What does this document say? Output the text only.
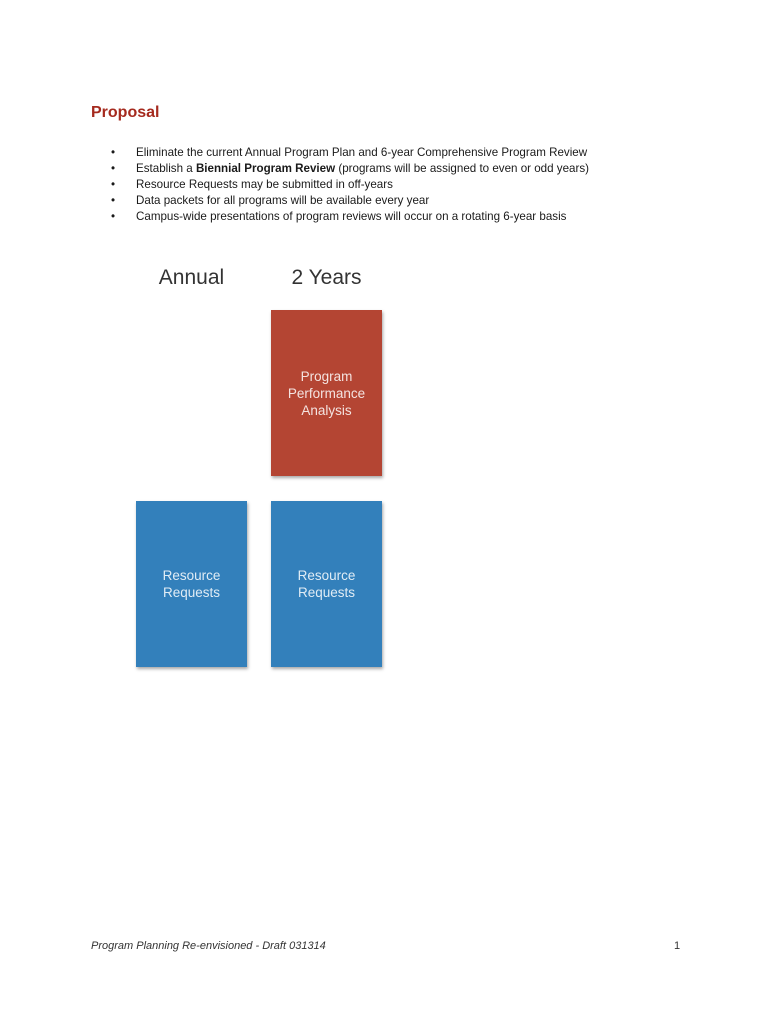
Proposal
• Eliminate the current Annual Program Plan and 6-year Comprehensive Program Review
• Establish a Biennial Program Review (programs will be assigned to even or odd years)
• Resource Requests may be submitted in off-years
• Data packets for all programs will be available every year
• Campus-wide presentations of program reviews will occur on a rotating 6-year basis
Annual	2 Years
Program
Performance
Analysis
Resource
Requests
Resource
Requests
Program Planning Re-envisioned - Draft 031314	1
